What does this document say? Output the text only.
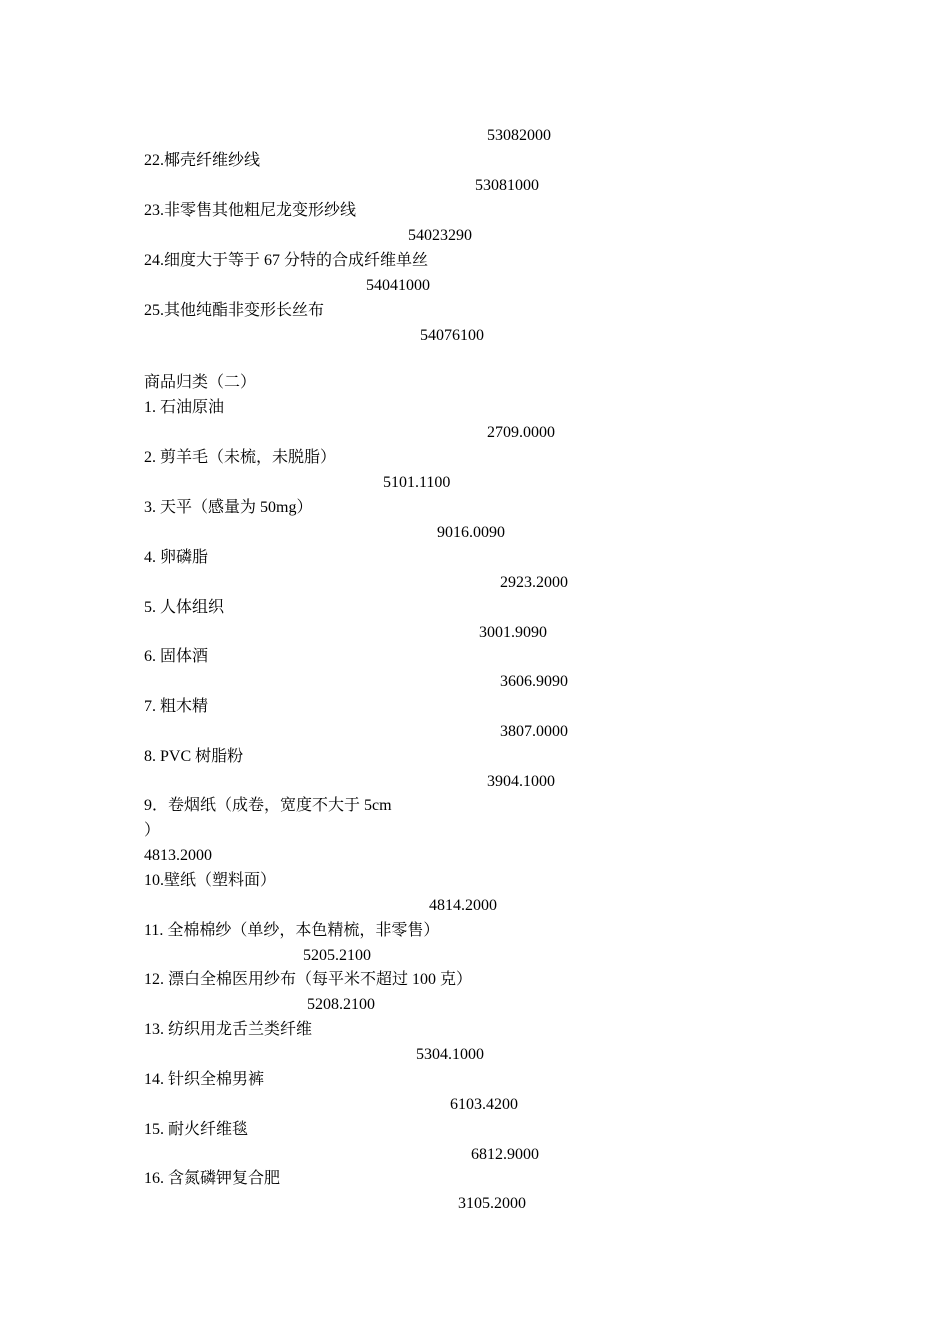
53082000
22.椰壳纤维纱线
53081000
23.非零售其他粗尼龙变形纱线
54023290
24.细度大于等于 67 分特的合成纤维单丝
54041000
25.其他纯酯非变形长丝布
54076100
商品归类（二）
1. 石油原油
2709.0000
2. 剪羊毛（未梳，未脱脂）
5101.1100
3. 天平（感量为 50mg）
9016.0090
4. 卵磷脂
2923.2000
5. 人体组织
3001.9090
6. 固体酒
3606.9090
7. 粗木精
3807.0000
8. PVC 树脂粉
3904.1000
9．卷烟纸（成卷，宽度不大于 5cm
）
4813.2000
10.壁纸（塑料面）
4814.2000
11. 全棉棉纱（单纱，本色精梳，非零售）
5205.2100
12. 漂白全棉医用纱布（每平米不超过 100 克）
5208.2100
13. 纺织用龙舌兰类纤维
5304.1000
14. 针织全棉男裤
6103.4200
15. 耐火纤维毯
6812.9000
16. 含氮磷钾复合肥
3105.2000
